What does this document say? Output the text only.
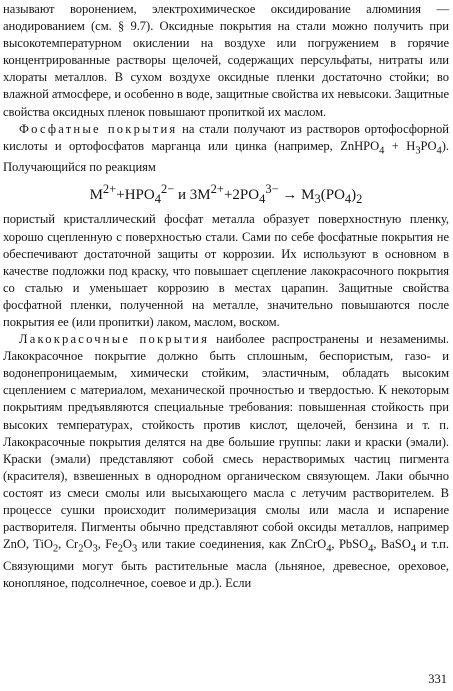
называют воронением, электрохимическое оксидирование алюминия — анодированием (см. § 9.7). Оксидные покрытия на стали можно получить при высокотемпературном окислении на воздухе или погружением в горячие концентрированные растворы щелочей, содержащих персульфаты, нитраты или хлораты металлов. В сухом воздухе оксидные пленки достаточно стойки; во влажной атмосфере, и особенно в воде, защитные свойства их невысоки. Защитные свойства оксидных пленок повышают пропиткой их маслом.

Фосфатные покрытия на стали получают из растворов ортофосфорной кислоты и ортофосфатов марганца или цинка (например, ZnHPO$_4$ + $H_3PO_4$). Получающийся по реакциям

$M^{2+}+HPO_4^{2-}$ и $3M^{2+}+2PO_4^{3-} \to M_3(PO_4)_2$

пористый кристаллический фосфат металла образует поверхностную пленку, хорошо сцепленную с поверхностью стали. Сами по себе фосфатные покрытия не обеспечивают достаточной защиты от коррозии. Их используют в основном в качестве подложки под краску, что повышает сцепление лакокрасочного покрытия со сталью и уменьшает коррозию в местах царапин. Защитные свойства фосфатной пленки, полученной на металле, значительно повышаются после покрытия ее (или пропитки) лаком, маслом, воском.

Лакокрасочные покрытия наиболее распространены и незаменимы. Лакокрасочное покрытие должно быть сплошным, беспористым, газо- и водонепроницаемым, химически стойким, эластичным, обладать высоким сцеплением с материалом, механической прочностью и твердостью. К некоторым покрытиям предъявляются специальные требования: повышенная стойкость при высоких температурах, стойкость против кислот, щелочей, бензина и т. п. Лакокрасочные покрытия делятся на две большие группы: лаки и краски (эмали). Краски (эмали) представляют собой смесь нерастворимых частиц пигмента (красителя), взвешенных в однородном органическом связующем. Лаки обычно состоят из смеси смолы или высыхающего масла с летучим растворителем. В процессе сушки происходит полимеризация смолы или масла и испарение растворителя. Пигменты обычно представляют собой оксиды металлов, например ZnO, TiO$_2$, $Cr_2O_3$, $Fe_2O_3$ или такие соединения, как ZnCrO$_4$, PbSO$_4$, BaSO$_4$ и т.п. Связующими могут быть растительные масла (льняное, древесное, ореховое, конопляное, подсолнечное, соевое и др.). Если

331
